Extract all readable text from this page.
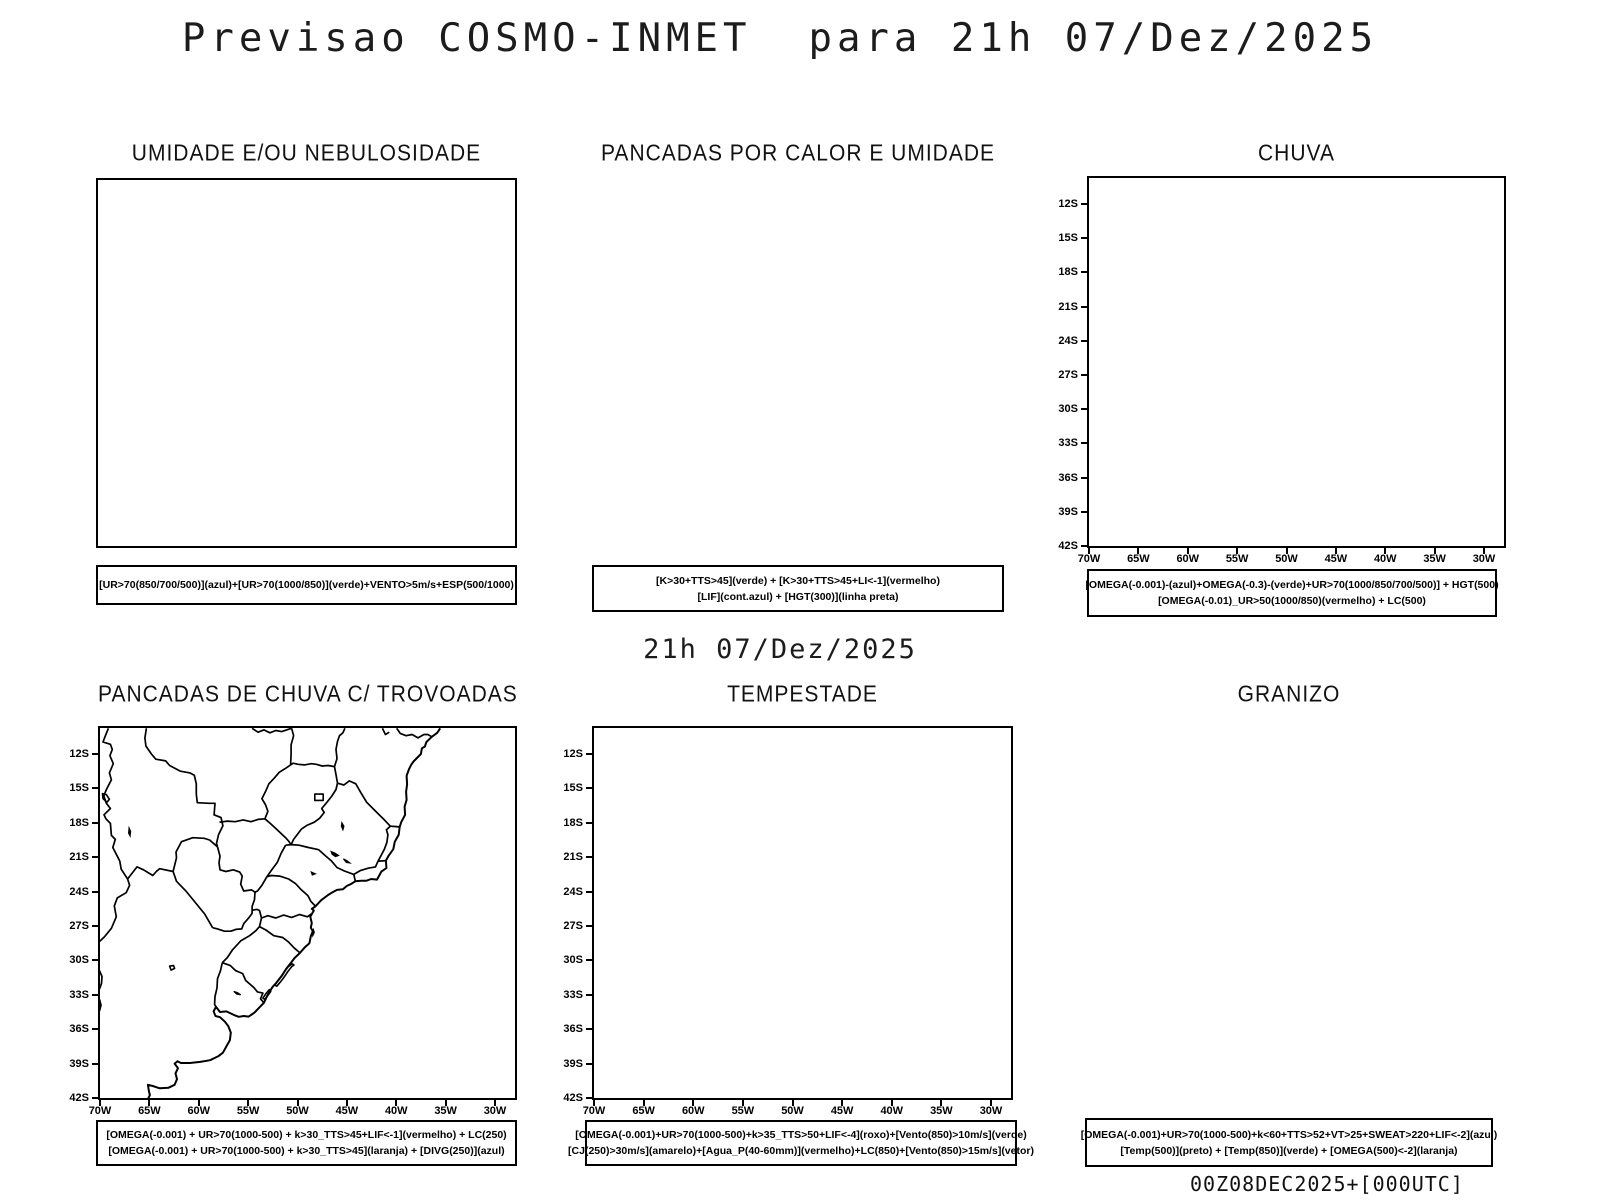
Previsao COSMO-INMET  para 21h 07/Dez/2025
21h 07/Dez/2025
UMIDADE E/OU NEBULOSIDADE	PANCADAS POR CALOR E UMIDADE	CHUVA
12S
15S
18S
21S
24S
27S
30S
33S
36S
39S
42S
70W 65W 60W 55W 50W 45W 40W 35W 30W
[UR>70(850/700/500)](azul)+[UR>70(1000/850)](verde)+VENTO>5m/s+ESP(500/1000)	[K>30+TTS>45](verde) + [K>30+TTS>45+LI<-1](vermelho)
[LIF](cont.azul) + [HGT(300)](linha preta)
[OMEGA(-0.001)-(azul)+OMEGA(-0.3)-(verde)+UR>70(1000/850/700/500)] + HGT(500)
[OMEGA(-0.01)_UR>50(1000/850)(vermelho) + LC(500)
PANCADAS DE CHUVA C/ TROVOADAS	TEMPESTADE	GRANIZO
12S
15S
18S
21S
24S
27S
30S
33S
36S
39S
42S
70W 65W 60W 55W 50W 45W 40W 35W 30W
12S
15S
18S
21S
24S
27S
30S
33S
36S
39S
42S
70W 65W 60W 55W 50W 45W 40W 35W 30W
[OMEGA(-0.001) + UR>70(1000-500) + k>30_TTS>45+LIF<-1](vermelho) + LC(250)
[OMEGA(-0.001) + UR>70(1000-500) + k>30_TTS>45](laranja) + [DIVG(250)](azul)
[OMEGA(-0.001)+UR>70(1000-500)+k>35_TTS>50+LIF<-4](roxo)+[Vento(850)>10m/s](verde)
[CJ(250)>30m/s](amarelo)+[Agua_P(40-60mm)](vermelho)+LC(850)+[Vento(850)>15m/s](vetor)
[OMEGA(-0.001)+UR>70(1000-500)+k<60+TTS>52+VT>25+SWEAT>220+LIF<-2](azul)
[Temp(500)](preto) + [Temp(850)](verde) + [OMEGA(500)<-2](laranja)
00Z08DEC2025+[000UTC]
